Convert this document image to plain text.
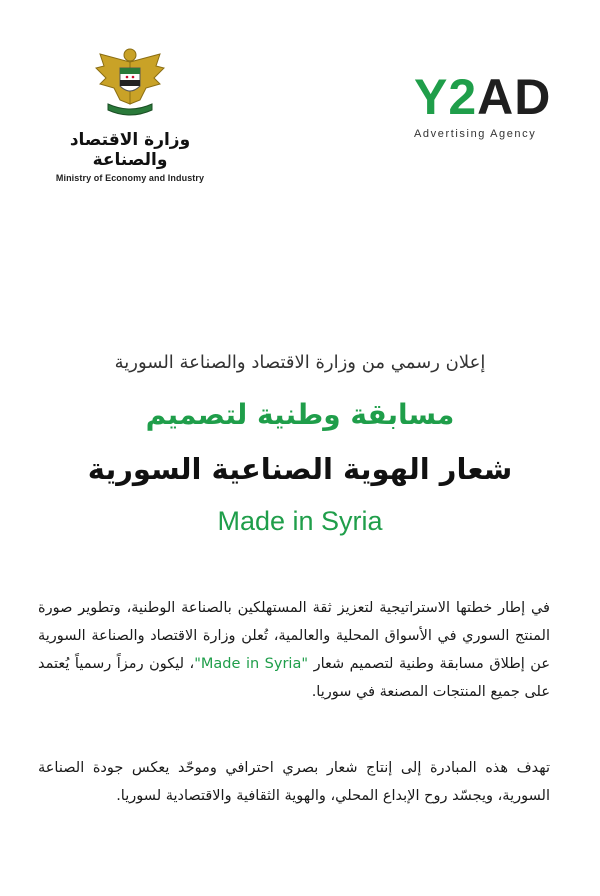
وزارة الاقتصاد والصناعة
Ministry of Economy and Industry
Y2AD
Advertising Agency
إعلان رسمي من وزارة الاقتصاد والصناعة السورية
مسابقة وطنية لتصميم
شعار الهوية الصناعية السورية
Made in Syria
في إطار خطتها الاستراتيجية لتعزيز ثقة المستهلكين بالصناعة الوطنية، وتطوير صورة المنتج السوري في الأسواق المحلية والعالمية، تُعلن وزارة الاقتصاد والصناعة السورية عن إطلاق مسابقة وطنية لتصميم شعار "Made in Syria"، ليكون رمزاً رسمياً يُعتمد على جميع المنتجات المصنعة في سوريا.
تهدف هذه المبادرة إلى إنتاج شعار بصري احترافي وموحّد يعكس جودة الصناعة السورية، ويجسّد روح الإبداع المحلي، والهوية الثقافية والاقتصادية لسوريا.
